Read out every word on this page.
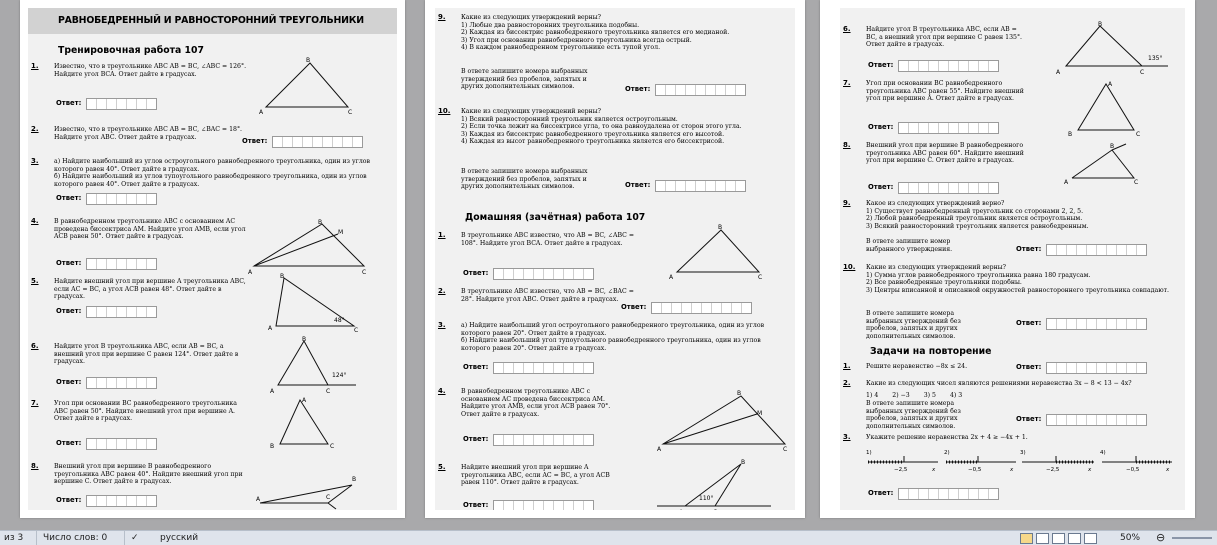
РАВНОБЕДРЕННЫЙ И РАВНОСТОРОННИЙ ТРЕУГОЛЬНИКИ
Тренировочная работа 107
1. Известно, что в треугольнике ABC AB = BC, ∠ABC = 126°. Найдите угол BCA. Ответ дайте в градусах.

Ответ:
B
A	C
2. Известно, что в треугольнике ABC AB = BC, ∠BAC = 18°. Найдите угол ABC. Ответ дайте в градусах.

Ответ:
3. а) Найдите наибольший из углов остроугольного равнобедренного треугольника, один из углов которого равен 40°. Ответ дайте в градусах.

б) Найдите наибольший из углов тупоугольного равнобедренного треугольника, один из углов которого равен 40°. Ответ дайте в градусах.

Ответ:
4. В равнобедренном треугольнике ABC с основанием AC проведена биссектриса AM. Найдите угол AMB, если угол ACB равен 50°. Ответ дайте в градусах.

Ответ:
B
M
A	C
5. Найдите внешний угол при вершине A треугольника ABC, если AC = BC, а угол ACB равен 48°. Ответ дайте в градусах.

Ответ:
B
A	C
48°
6. Найдите угол B треугольника ABC, если AB = BC, а внешний угол при вершине C равен 124°. Ответ дайте в градусах.

Ответ:
B
A	C
124°
7. Угол при основании BC равнобедренного треугольника ABC равен 50°. Найдите внешний угол при вершине A. Ответ дайте в градусах.

Ответ:
A
B	C
8. Внешний угол при вершине B равнобедренного треугольника ABC равен 40°. Найдите внешний угол при вершине C. Ответ дайте в градусах.

Ответ:
B
A	C
9. Какие из следующих утверждений верны?

1) Любые два равносторонних треугольника подобны.

2) Каждая из биссектрис равнобедренного треугольника является его медианой.

3) Угол при основании равнобедренного треугольника всегда острый.

4) В каждом равнобедренном треугольнике есть тупой угол.

В ответе запишите номера выбранных утверждений без пробелов, запятых и других дополнительных символов.	Ответ:
10. Какие из следующих утверждений верны?

1) Всякий равносторонний треугольник является остроугольным.

2) Если точка лежит на биссектрисе угла, то она равноудалена от сторон этого угла.

3) Каждая из биссектрис равнобедренного треугольника является его высотой.

4) Каждая из высот равнобедренного треугольника является его биссектрисой.

В ответе запишите номера выбранных утверждений без пробелов, запятых и других дополнительных символов.	Ответ:
Домашняя (зачётная) работа 107
1. В треугольнике ABC известно, что AB = BC, ∠ABC = 108°. Найдите угол BCA. Ответ дайте в градусах.

Ответ:
B
A	C
2. В треугольнике ABC известно, что AB = BC, ∠BAC = 28°. Найдите угол ABC. Ответ дайте в градусах.

Ответ:
3. а) Найдите наибольший угол остроугольного равнобедренного треугольника, один из углов которого равен 20°. Ответ дайте в градусах.

б) Найдите наибольший угол тупоугольного равнобедренного треугольника, один из углов которого равен 20°. Ответ дайте в градусах.

Ответ:
4. В равнобедренном треугольнике ABC с основанием AC проведена биссектриса AM. Найдите угол AMB, если угол ACB равен 70°. Ответ дайте в градусах.

Ответ:
B
M
A	C
5. Найдите внешний угол при вершине A треугольника ABC, если AC = BC, а угол ACB равен 110°. Ответ дайте в градусах.

Ответ:
B
A	C
110°
6. Найдите угол B треугольника ABC, если AB = BC, а внешний угол при вершине C равен 135°. Ответ дайте в градусах.

Ответ:
B
A	C
135°
7. Угол при основании BC равнобедренного треугольника ABC равен 55°. Найдите внешний угол при вершине A. Ответ дайте в градусах.

Ответ:
A
B	C
8. Внешний угол при вершине B равнобедренного треугольника ABC равен 60°. Найдите внешний угол при вершине C. Ответ дайте в градусах.

Ответ:
B
A	C
9. Какое из следующих утверждений верно?

1) Существует равнобедренный треугольник со сторонами 2, 2, 5.

2) Любой равнобедренный треугольник является остроугольным.

3) Всякий равносторонний треугольник является равнобедренным.

В ответе запишите номер выбранного утверждения.	Ответ:
10. Какие из следующих утверждений верны?

1) Сумма углов равнобедренного треугольника равна 180 градусам.

2) Все равнобедренные треугольники подобны.

3) Центры вписанной и описанной окружностей равностороннего треугольника совпадают.

В ответе запишите номера выбранных утверждений без пробелов, запятых и других дополнительных символов.

Ответ:
Задачи на повторение
1. Решите неравенство −8x ≤ 24.	Ответ:
2. Какие из следующих чисел являются решениями неравенства 3x − 8 < 13 − 4x?

1) 4 2) −3 3) 5 4) 3

В ответе запишите номера выбранных утверждений без пробелов, запятых и других дополнительных символов.

Ответ:
3. Укажите решение неравенства 2x + 4 ≥ −4x + 1.

1)
−2,5	x
2)
−0,5	x
3)
−2,5	x
4)
−0,5	x
Ответ:
из 3	Число слов: 0	✓ русский	50% ⊖
